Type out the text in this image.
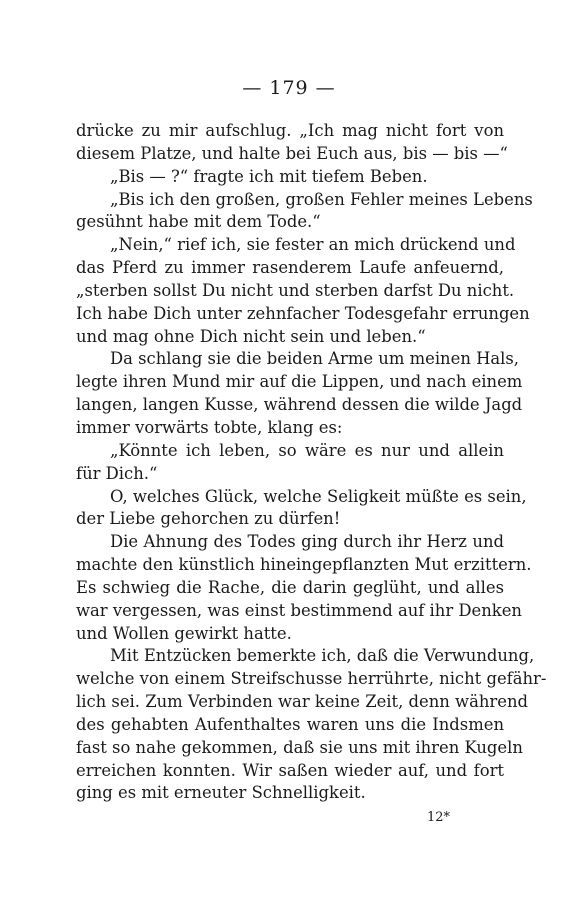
— 179 —
drücke zu mir aufschlug. „Ich mag nicht fort von
diesem Platze, und halte bei Euch aus, bis — bis —“
„Bis — ?“ fragte ich mit tiefem Beben.
„Bis ich den großen, großen Fehler meines Lebens
gesühnt habe mit dem Tode.“
„Nein,“ rief ich, sie fester an mich drückend und
das Pferd zu immer rasenderem Laufe anfeuernd,
„sterben sollst Du nicht und sterben darfst Du nicht.
Ich habe Dich unter zehnfacher Todesgefahr errungen
und mag ohne Dich nicht sein und leben.“
Da schlang sie die beiden Arme um meinen Hals,
legte ihren Mund mir auf die Lippen, und nach einem
langen, langen Kusse, während dessen die wilde Jagd
immer vorwärts tobte, klang es:
„Könnte ich leben, so wäre es nur und allein
für Dich.“
O, welches Glück, welche Seligkeit müßte es sein,
der Liebe gehorchen zu dürfen!
Die Ahnung des Todes ging durch ihr Herz und
machte den künstlich hineingepflanzten Mut erzittern.
Es schwieg die Rache, die darin geglüht, und alles
war vergessen, was einst bestimmend auf ihr Denken
und Wollen gewirkt hatte.
Mit Entzücken bemerkte ich, daß die Verwundung,
welche von einem Streifschusse herrührte, nicht gefähr-
lich sei. Zum Verbinden war keine Zeit, denn während
des gehabten Aufenthaltes waren uns die Indsmen
fast so nahe gekommen, daß sie uns mit ihren Kugeln
erreichen konnten. Wir saßen wieder auf, und fort
ging es mit erneuter Schnelligkeit.
12*
